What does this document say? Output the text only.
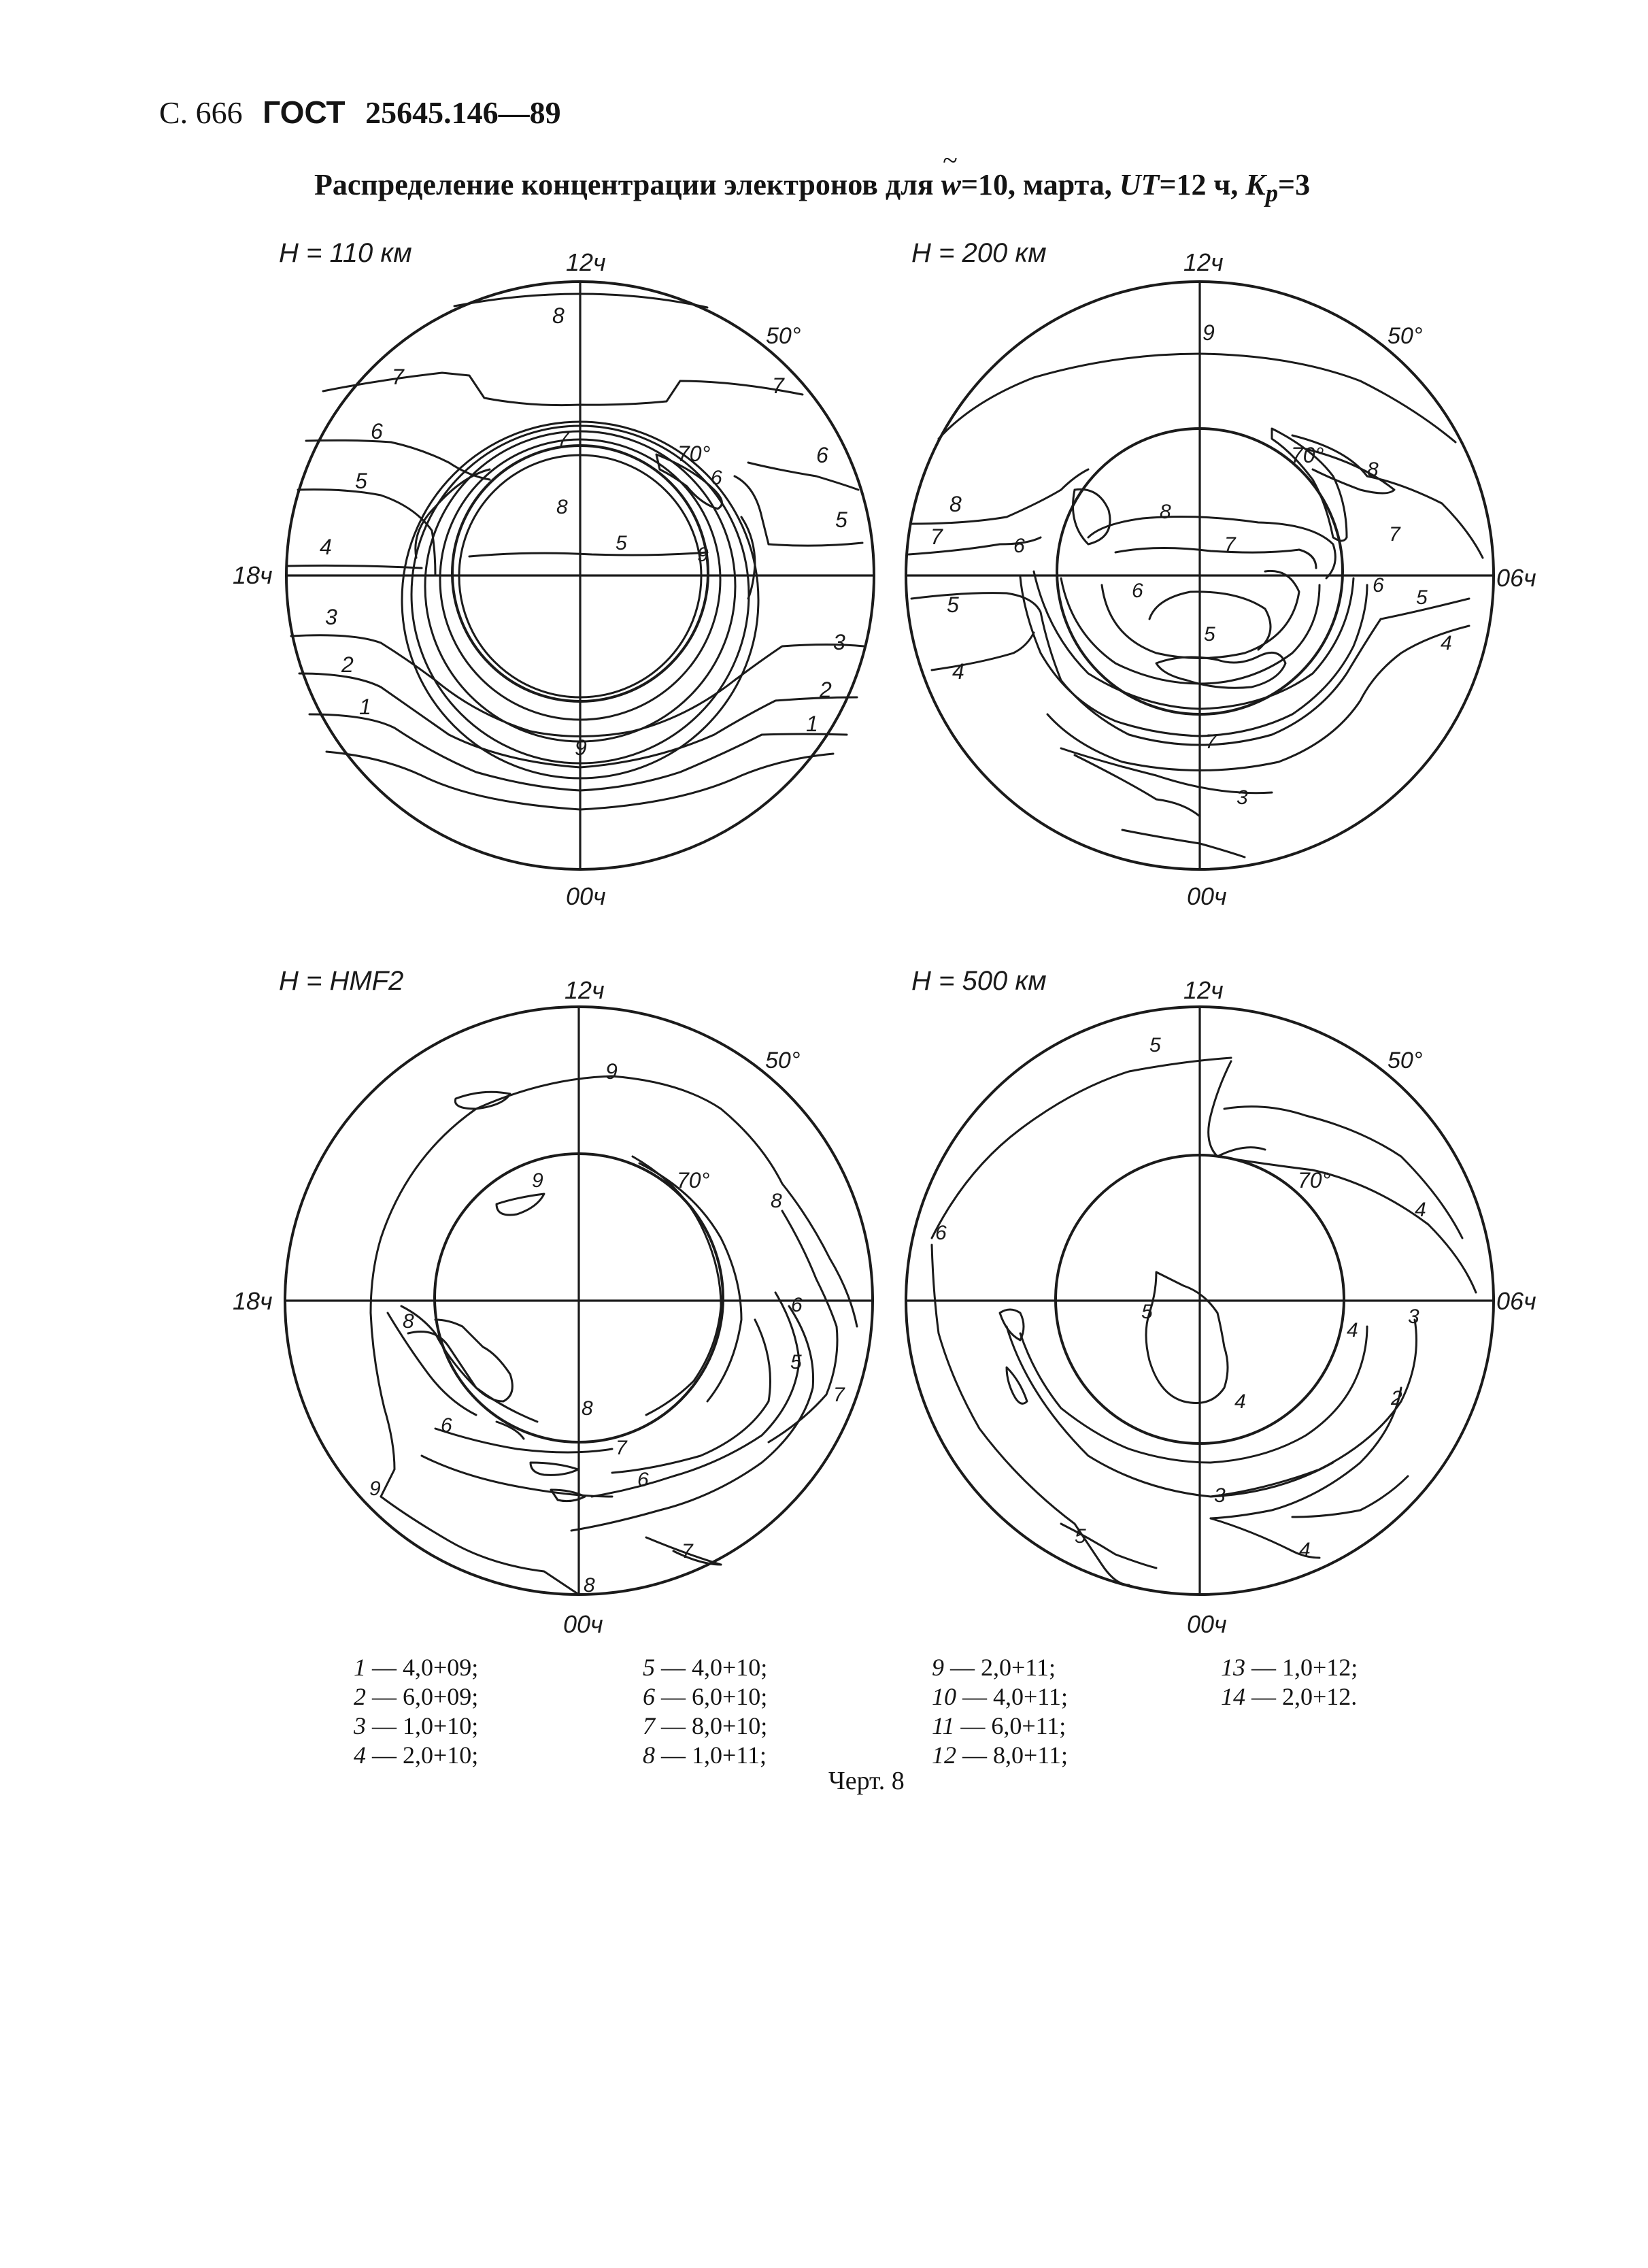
С. 666 ГОСТ 25645.146—89
Распределение концентрации электронов для ~ w=10, марта, UT=12 ч, $K_p=3$
H = 110 км	12ч
00ч
18ч
50°
70°
1
2
3
4
5
6
7
8
9
1
2
3
5
6
7
8
5
7
6
9
H = 200 км	12ч
00ч
06ч
50°
70°
9
8
7	6
5
4
8
7
6
5
7
3
6
5
4
7
8
H = HMF2	12ч
00ч
18ч
50°
70°
9
9
8
8
6
8
7
6
7
6
5
7
9
8
H = 500 км	12ч
00ч
06ч
50°
70°
5
4
6
5
4
4
3
2
3
5
4
1 — 4,0+09;
2 — 6,0+09;
3 — 1,0+10;
4 — 2,0+10;
5 — 4,0+10;
6 — 6,0+10;
7 — 8,0+10;
8 — 1,0+11;
9 — 2,0+11;
10 — 4,0+11;
11 — 6,0+11;
12 — 8,0+11;
13 — 1,0+12;
14 — 2,0+12.
Черт. 8
